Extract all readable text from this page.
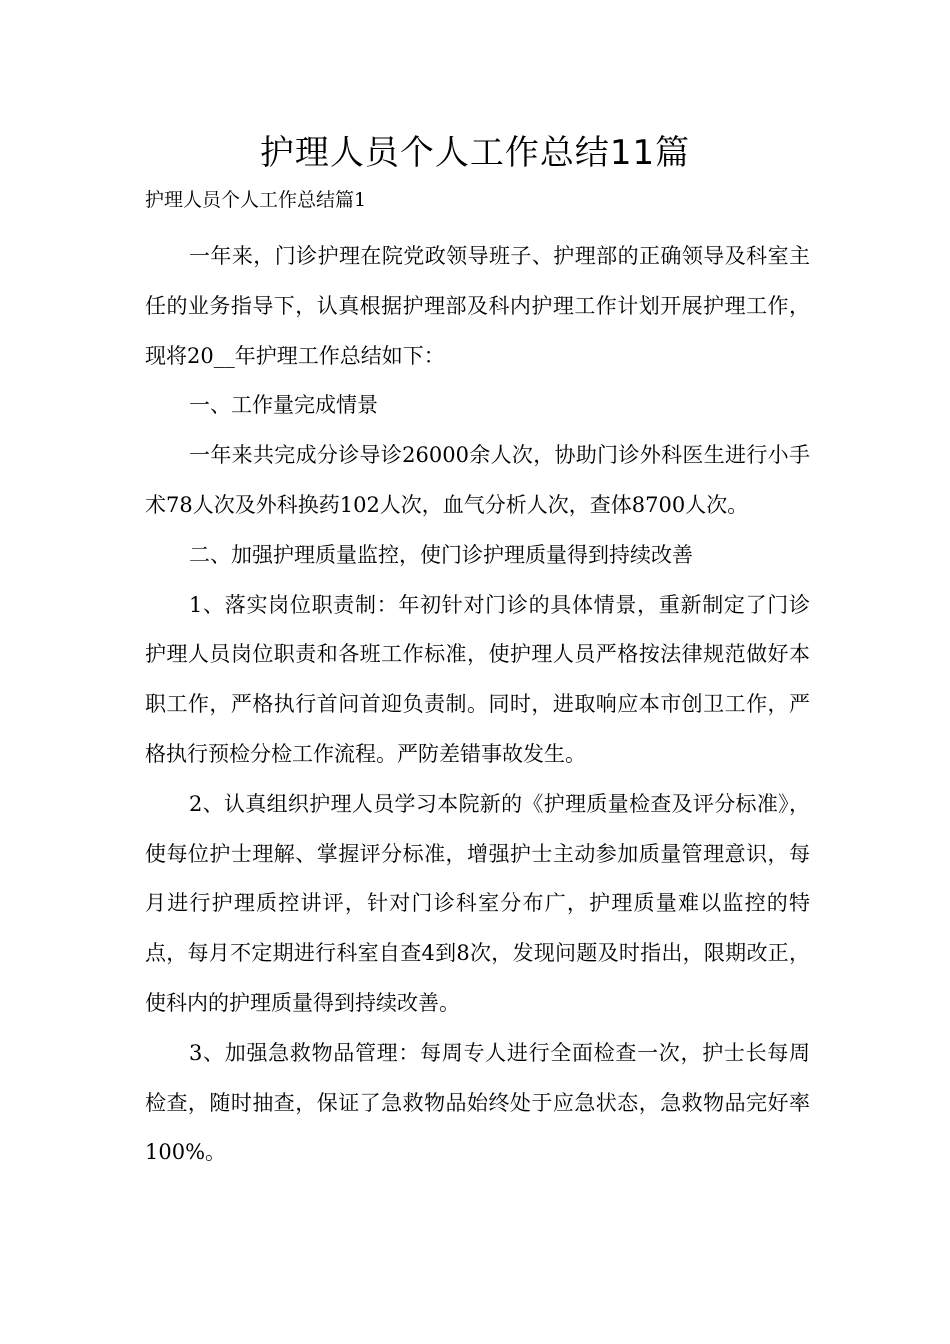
护理人员个人工作总结11篇
护理人员个人工作总结篇1

一年来，门诊护理在院党政领导班子、护理部的正确领导及科室主任的业务指导下，认真根据护理部及科内护理工作计划开展护理工作，现将20__年护理工作总结如下：

一、工作量完成情景

一年来共完成分诊导诊26000余人次，协助门诊外科医生进行小手术78人次及外科换药102人次，血气分析人次，查体8700人次。

二、加强护理质量监控，使门诊护理质量得到持续改善

1、落实岗位职责制：年初针对门诊的具体情景，重新制定了门诊护理人员岗位职责和各班工作标准，使护理人员严格按法律规范做好本职工作，严格执行首问首迎负责制。同时，进取响应本市创卫工作，严格执行预检分检工作流程。严防差错事故发生。

2、认真组织护理人员学习本院新的《护理质量检查及评分标准》，使每位护士理解、掌握评分标准，增强护士主动参加质量管理意识，每月进行护理质控讲评，针对门诊科室分布广，护理质量难以监控的特点，每月不定期进行科室自查4到8次，发现问题及时指出，限期改正，使科内的护理质量得到持续改善。

3、加强急救物品管理：每周专人进行全面检查一次，护士长每周检查，随时抽查，保证了急救物品始终处于应急状态，急救物品完好率100%。
